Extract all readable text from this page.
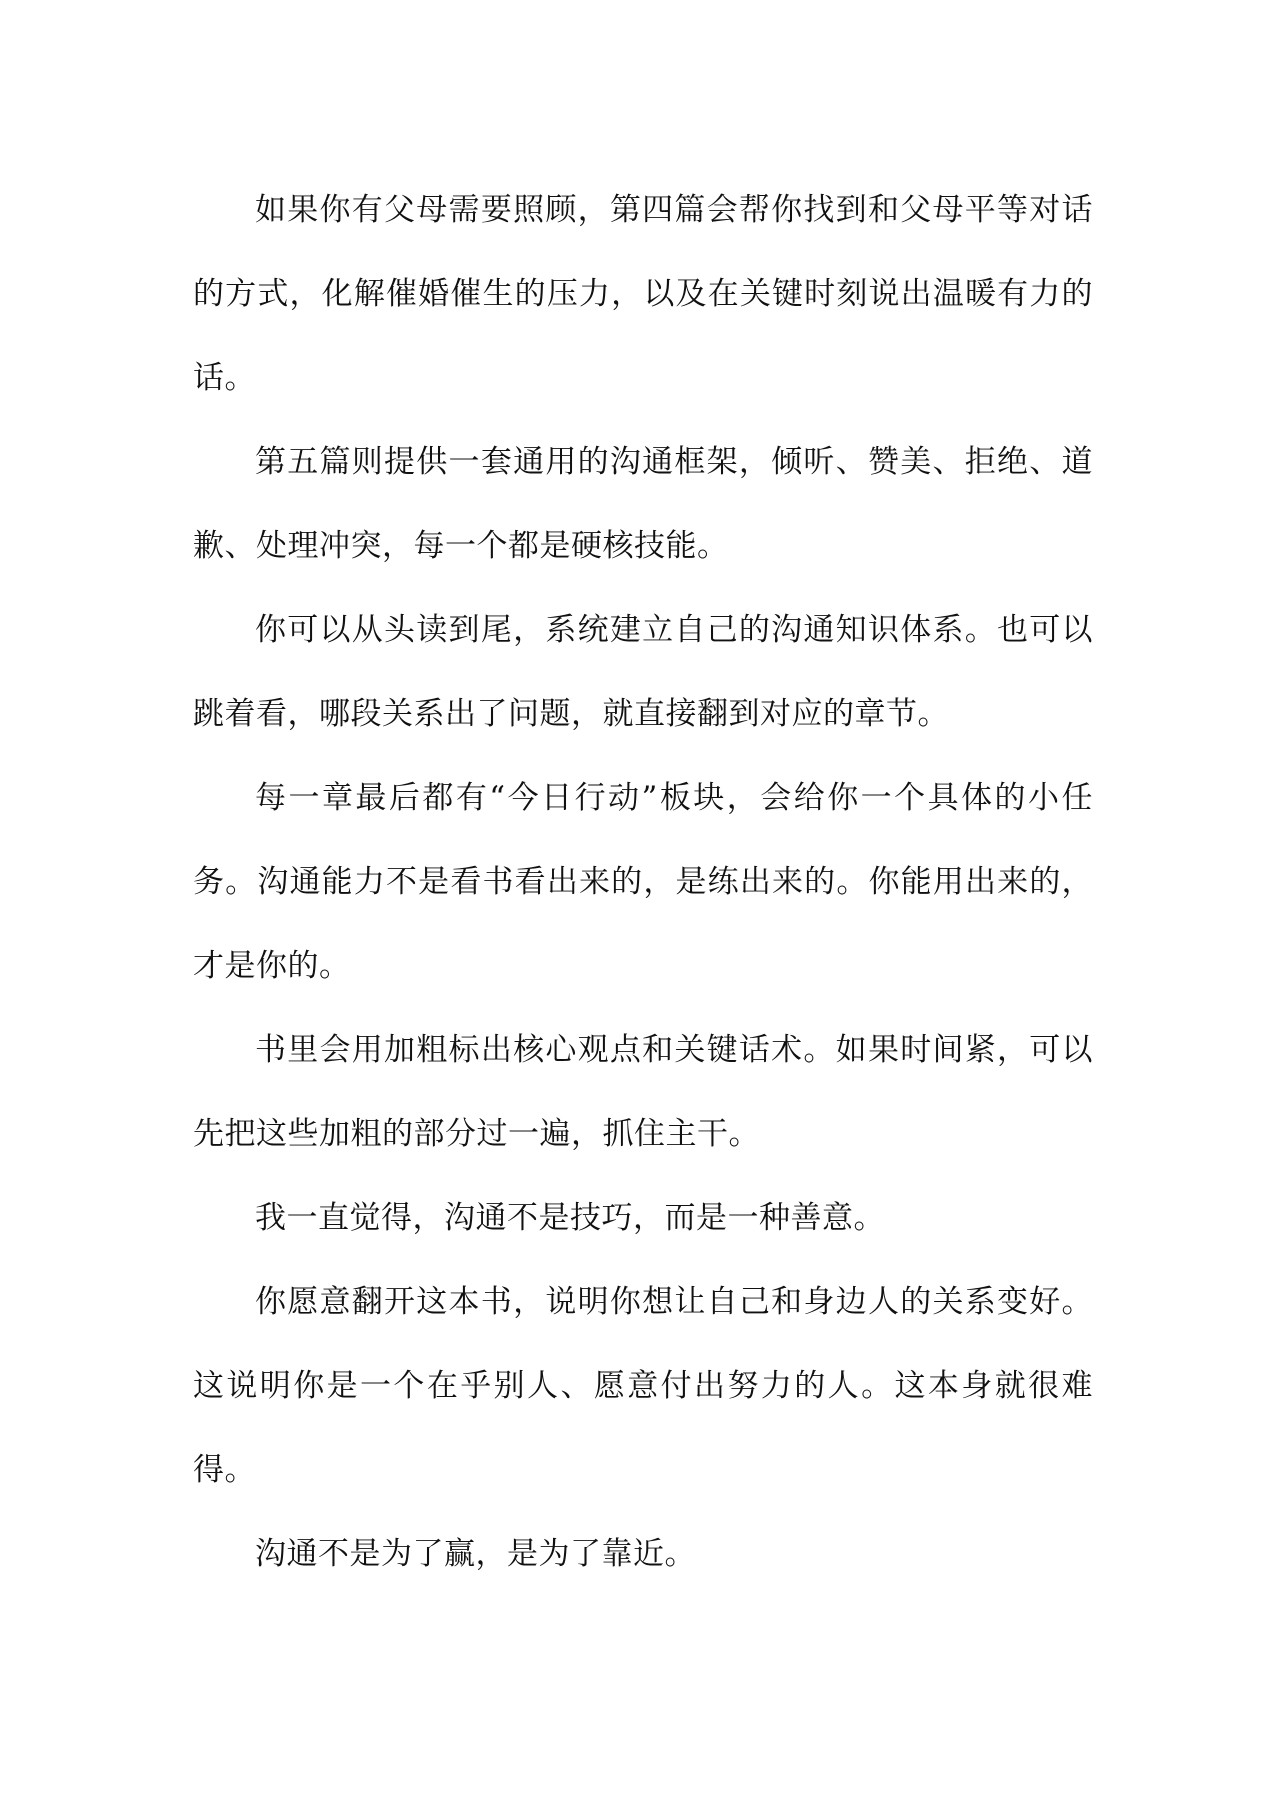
如果你有父母需要照顾，第四篇会帮你找到和父母平等对话的方式，化解催婚催生的压力，以及在关键时刻说出温暖有力的话。

第五篇则提供一套通用的沟通框架，倾听、赞美、拒绝、道歉、处理冲突，每一个都是硬核技能。

你可以从头读到尾，系统建立自己的沟通知识体系。也可以跳着看，哪段关系出了问题，就直接翻到对应的章节。

每一章最后都有“今日行动”板块，会给你一个具体的小任务。沟通能力不是看书看出来的，是练出来的。你能用出来的，才是你的。

书里会用加粗标出核心观点和关键话术。如果时间紧，可以先把这些加粗的部分过一遍，抓住主干。

我一直觉得，沟通不是技巧，而是一种善意。

你愿意翻开这本书，说明你想让自己和身边人的关系变好。这说明你是一个在乎别人、愿意付出努力的人。这本身就很难得。

沟通不是为了赢，是为了靠近。
